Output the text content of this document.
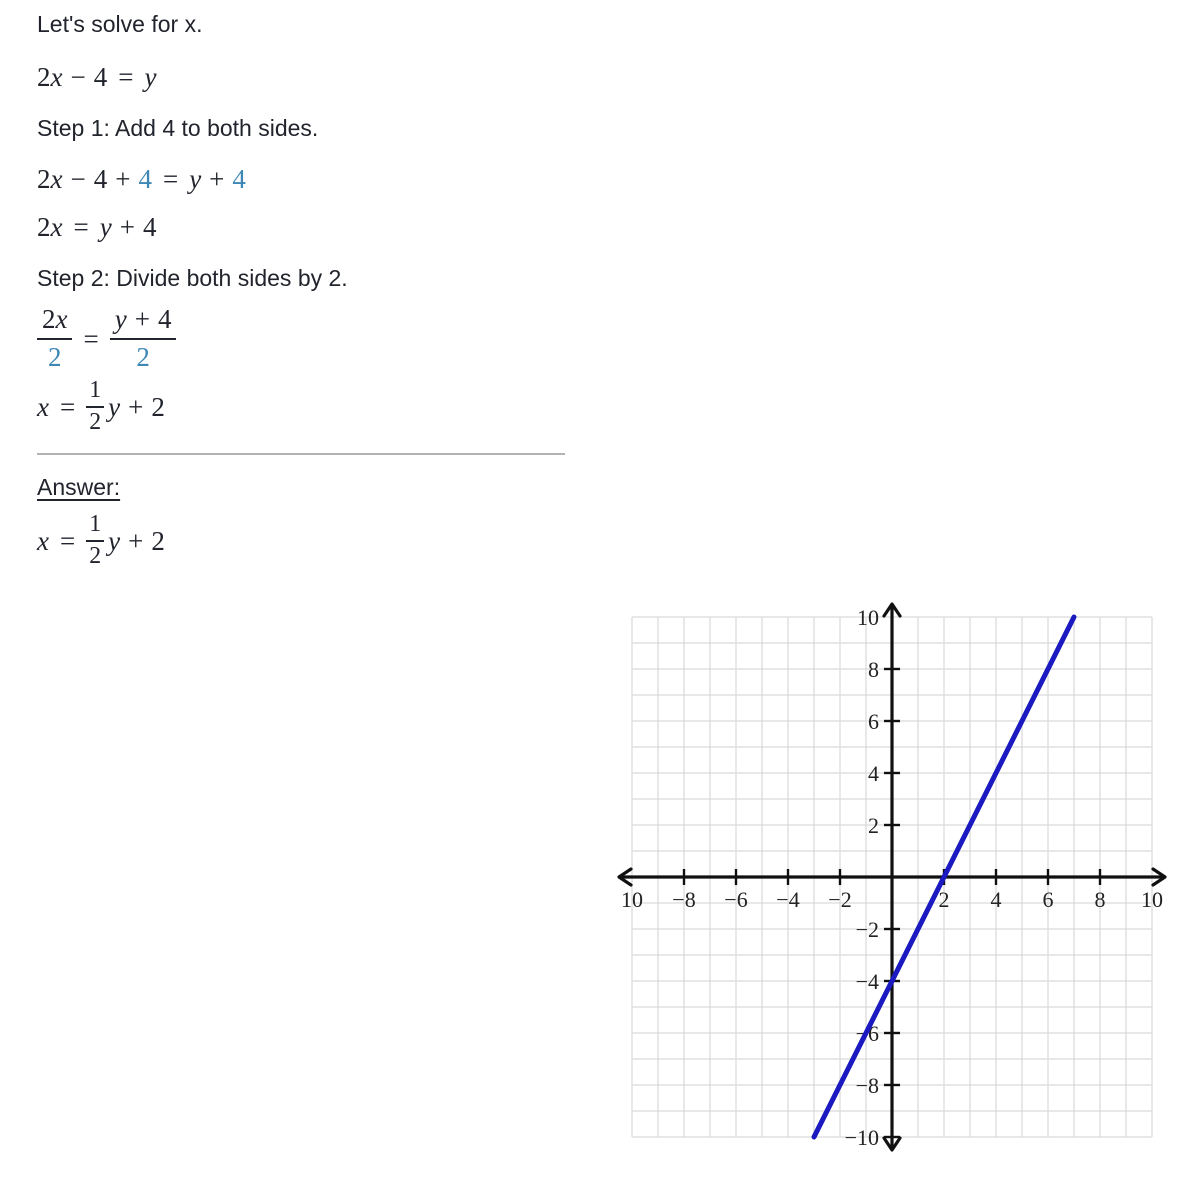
Let's solve for x.

2 x − 4 = y

Step 1: Add 4 to both sides.

2 x − 4 + 4 = y + 4
2 x = y + 4

Step 2: Divide both sides by 2.

$\frac{2 x}{2} = \frac{y + 4}{2}$
$x = \frac{1}{2}$ y + 2

Answer:

$x = \frac{1}{2}$ y + 2
10 −8 −6 −4 −2	2 4 6 8 10
10
8
6
4
2
−2
−4
−6
−8
−10
